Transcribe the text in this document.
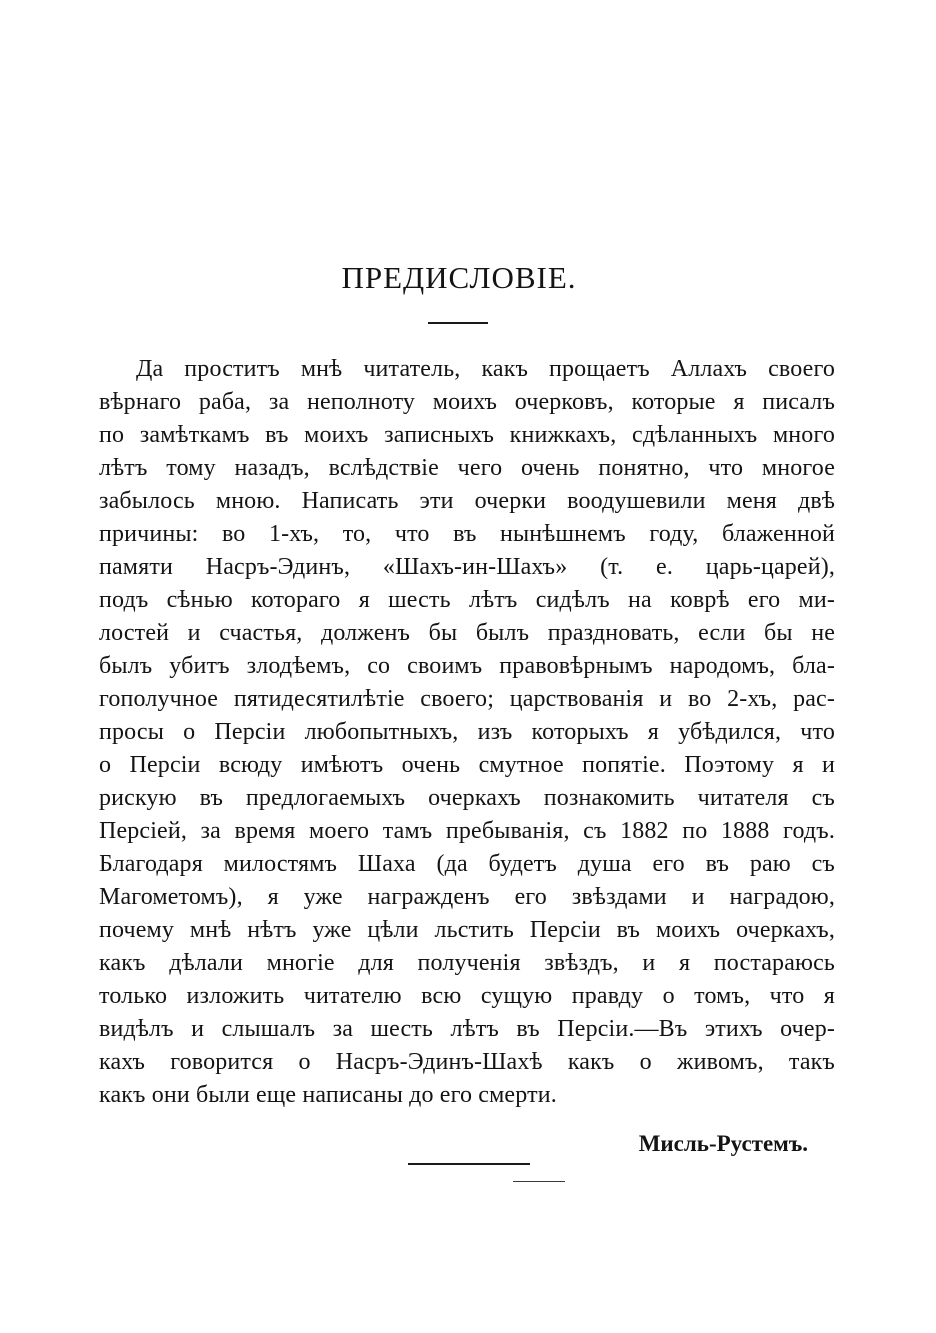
ПРЕДИСЛОВІЕ.
Да проститъ мнѣ читатель, какъ прощаетъ Аллахъ своего
вѣрнаго раба, за неполноту моихъ очерковъ, которые я писалъ
по замѣткамъ въ моихъ записныхъ книжкахъ, сдѣланныхъ много
лѣтъ тому назадъ, вслѣдствіе чего очень понятно, что многое
забылось мною. Написать эти очерки воодушевили меня двѣ
причины: во 1-хъ, то, что въ нынѣшнемъ году, блаженной
памяти Насръ-Эдинъ, «Шахъ-ин-Шахъ» (т. е. царь-царей),
подъ сѣнью котораго я шесть лѣтъ сидѣлъ на коврѣ его ми-
лостей и счастья, долженъ бы былъ праздновать, если бы не
былъ убитъ злодѣемъ, со своимъ правовѣрнымъ народомъ, бла-
гополучное пятидесятилѣтіе своего; царствованія и во 2-хъ, рас-
просы о Персіи любопытныхъ, изъ которыхъ я убѣдился, что
о Персіи всюду имѣютъ очень смутное попятіе. Поэтому я и
рискую въ предлогаемыхъ очеркахъ познакомить читателя съ
Персіей, за время моего тамъ пребыванія, съ 1882 по 1888 годъ.
Благодаря милостямъ Шаха (да будетъ душа его въ раю съ
Магометомъ), я уже награжденъ его звѣздами и наградою,
почему мнѣ нѣтъ уже цѣли льстить Персіи въ моихъ очеркахъ,
какъ дѣлали многіе для полученія звѣздъ, и я постараюсь
только изложить читателю всю сущую правду о томъ, что я
видѣлъ и слышалъ за шесть лѣтъ въ Персіи.—Въ этихъ очер-
кахъ говорится о Насръ-Эдинъ-Шахѣ какъ о живомъ, такъ
какъ они были еще написаны до его смерти.
Мисль-Рустемъ.
